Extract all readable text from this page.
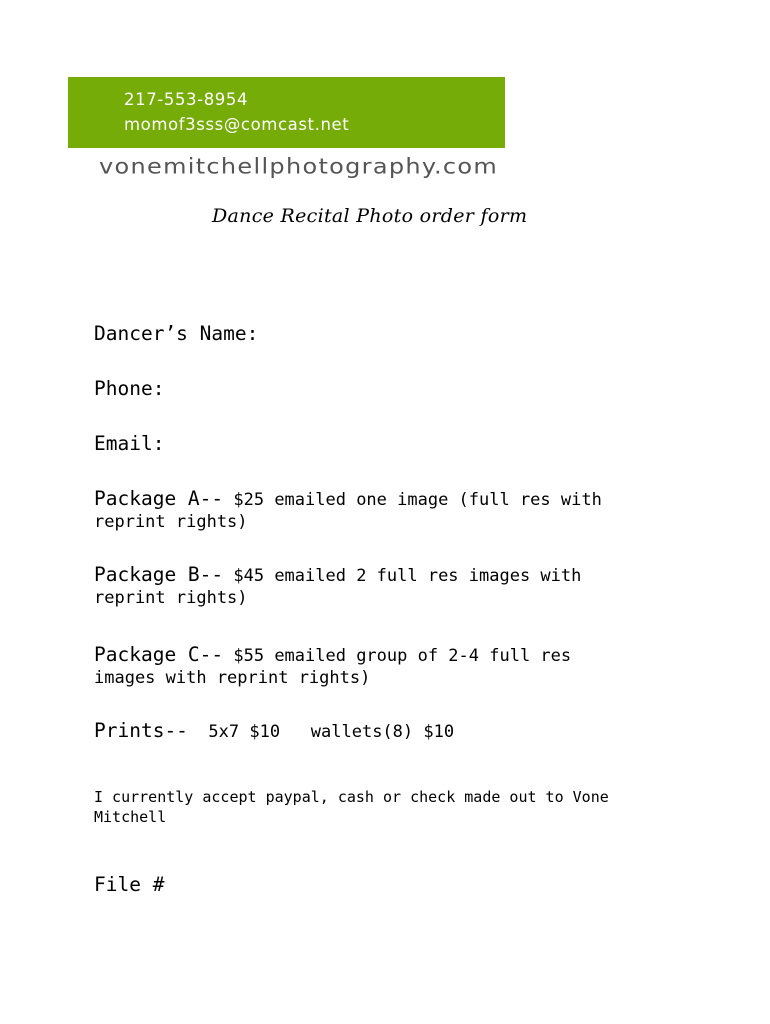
217-553-8954
momof3sss@comcast.net
vonemitchellphotography.com
Dance Recital Photo order form
Dancer’s Name:
Phone:
Email:
Package A-- $25 emailed one image (full res with
reprint rights)
Package B-- $45 emailed 2 full res images with
reprint rights)
Package C-- $55 emailed group of 2-4 full res
images with reprint rights)
Prints-- 5x7 $10 wallets(8) $10
I currently accept paypal, cash or check made out to Vone
Mitchell
File #
